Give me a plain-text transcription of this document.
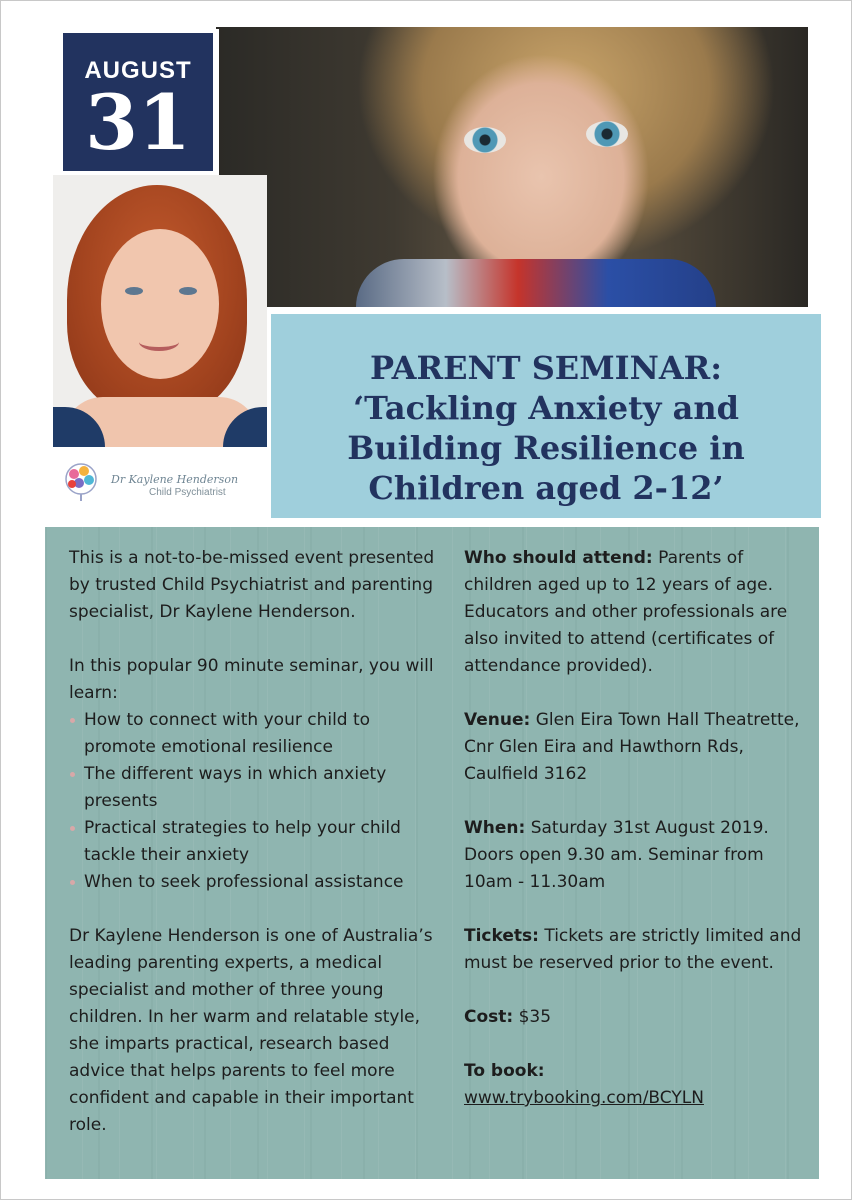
AUGUST
31
Dr Kaylene Henderson
Child Psychiatrist
PARENT SEMINAR:
‘Tackling Anxiety and
Building Resilience in
Children aged 2-12’

This is a not-to-be-missed event presented by trusted Child Psychiatrist and parenting specialist, Dr Kaylene Henderson.

In this popular 90 minute seminar, you will learn:

How to connect with your child to promote emotional resilience
The different ways in which anxiety presents
Practical strategies to help your child tackle their anxiety
When to seek professional assistance

Dr Kaylene Henderson is one of Australia’s leading parenting experts, a medical specialist and mother of three young children. In her warm and relatable style, she imparts practical, research based advice that helps parents to feel more confident and capable in their important role.

Who should attend: Parents of children aged up to 12 years of age. Educators and other professionals are also invited to attend (certificates of attendance provided).

Venue: Glen Eira Town Hall Theatrette, Cnr Glen Eira and Hawthorn Rds, Caulfield 3162

When: Saturday 31st August 2019. Doors open 9.30 am. Seminar from 10am - 11.30am

Tickets: Tickets are strictly limited and must be reserved prior to the event.

Cost: $35

To book:

www.trybooking.com/BCYLN
